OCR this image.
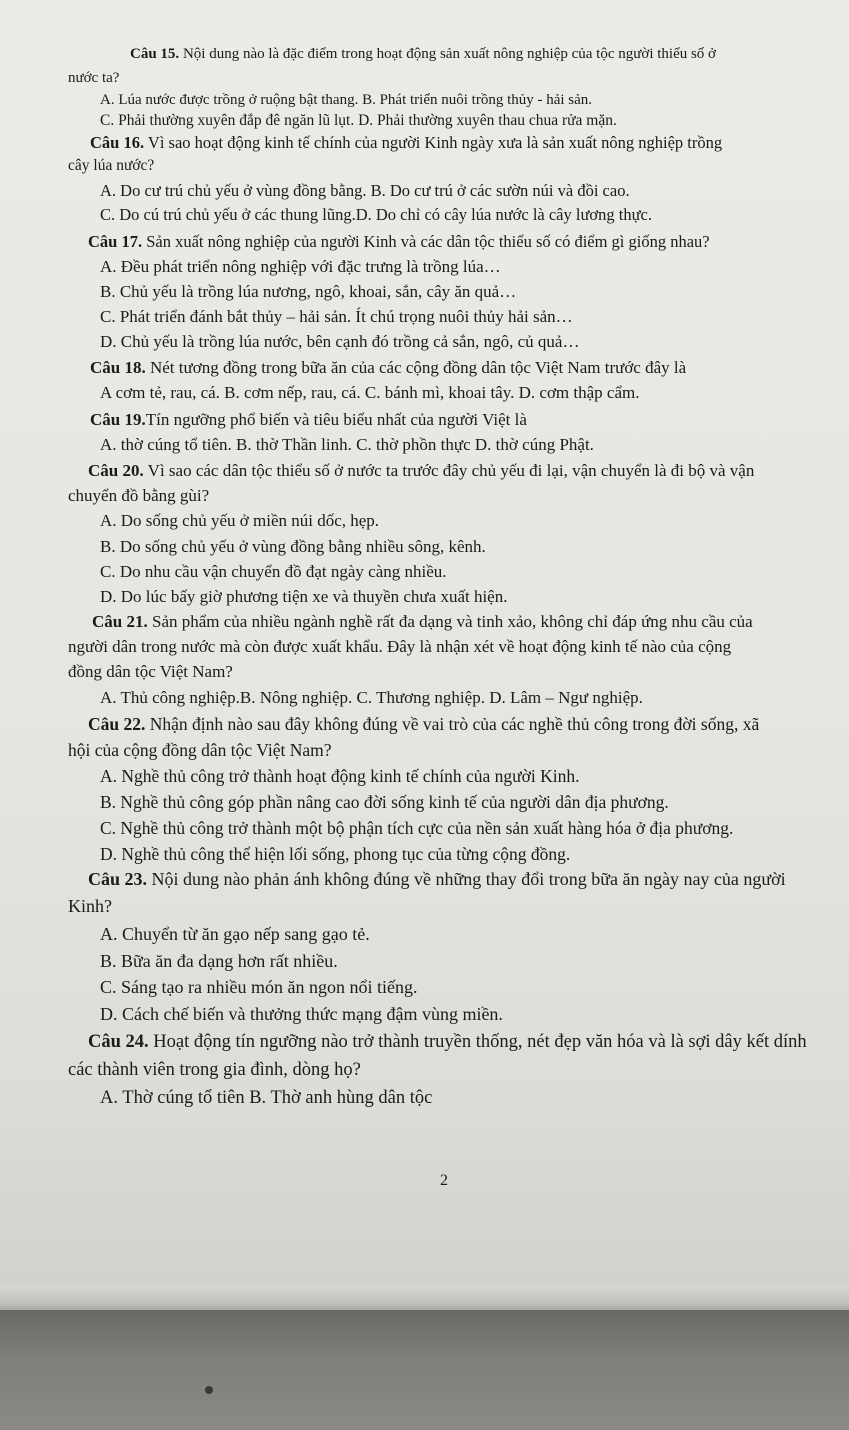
Câu 15. Nội dung nào là đặc điểm trong hoạt động sản xuất nông nghiệp của tộc người thiểu số ở
nước ta?
A. Lúa nước được trồng ở ruộng bật thang. B. Phát triển nuôi trồng thủy - hải sản.
C. Phải thường xuyên đắp đê ngăn lũ lụt. D. Phải thường xuyên thau chua rửa mặn.
Câu 16. Vì sao hoạt động kinh tế chính của người Kinh ngày xưa là sản xuất nông nghiệp trồng
cây lúa nước?
A. Do cư trú chủ yếu ở vùng đồng bằng. B. Do cư trú ở các sườn núi và đồi cao.
C. Do cú trú chủ yếu ở các thung lũng.D. Do chỉ có cây lúa nước là cây lương thực.
Câu 17. Sản xuất nông nghiệp của người Kinh và các dân tộc thiểu số có điểm gì giống nhau?
A. Đều phát triển nông nghiệp với đặc trưng là trồng lúa…
B. Chủ yếu là trồng lúa nương, ngô, khoai, sắn, cây ăn quả…
C. Phát triển đánh bắt thủy – hải sản. Ít chú trọng nuôi thủy hải sản…
D. Chủ yếu là trồng lúa nước, bên cạnh đó trồng cả sắn, ngô, củ quả…
Câu 18. Nét tương đồng trong bữa ăn của các cộng đồng dân tộc Việt Nam trước đây là
A cơm tẻ, rau, cá. B. cơm nếp, rau, cá. C. bánh mì, khoai tây. D. cơm thập cẩm.
Câu 19.Tín ngưỡng phổ biến và tiêu biểu nhất của người Việt là
A. thờ cúng tổ tiên. B. thờ Thần linh. C. thờ phồn thực D. thờ cúng Phật.
Câu 20. Vì sao các dân tộc thiểu số ở nước ta trước đây chủ yếu đi lại, vận chuyển là đi bộ và vận
chuyển đồ bằng gùi?
A. Do sống chủ yếu ở miền núi dốc, hẹp.
B. Do sống chủ yếu ở vùng đồng bằng nhiều sông, kênh.
C. Do nhu cầu vận chuyển đồ đạt ngày càng nhiều.
D. Do lúc bấy giờ phương tiện xe và thuyền chưa xuất hiện.
Câu 21. Sản phẩm của nhiều ngành nghề rất đa dạng và tinh xảo, không chỉ đáp ứng nhu cầu của
người dân trong nước mà còn được xuất khẩu. Đây là nhận xét về hoạt động kinh tế nào của cộng
đồng dân tộc Việt Nam?
A. Thủ công nghiệp.B. Nông nghiệp. C. Thương nghiệp. D. Lâm – Ngư nghiệp.
Câu 22. Nhận định nào sau đây không đúng về vai trò của các nghề thủ công trong đời sống, xã
hội của cộng đồng dân tộc Việt Nam?
A. Nghề thủ công trở thành hoạt động kinh tế chính của người Kinh.
B. Nghề thủ công góp phần nâng cao đời sống kinh tế của người dân địa phương.
C. Nghề thủ công trở thành một bộ phận tích cực của nền sản xuất hàng hóa ở địa phương.
D. Nghề thủ công thể hiện lối sống, phong tục của từng cộng đồng.
Câu 23. Nội dung nào phản ánh không đúng về những thay đổi trong bữa ăn ngày nay của người
Kinh?
A. Chuyển từ ăn gạo nếp sang gạo tẻ.
B. Bữa ăn đa dạng hơn rất nhiều.
C. Sáng tạo ra nhiều món ăn ngon nổi tiếng.
D. Cách chế biến và thưởng thức mạng đậm vùng miền.
Câu 24. Hoạt động tín ngưỡng nào trở thành truyền thống, nét đẹp văn hóa và là sợi dây kết dính
các thành viên trong gia đình, dòng họ?
A. Thờ cúng tổ tiên B. Thờ anh hùng dân tộc
2
